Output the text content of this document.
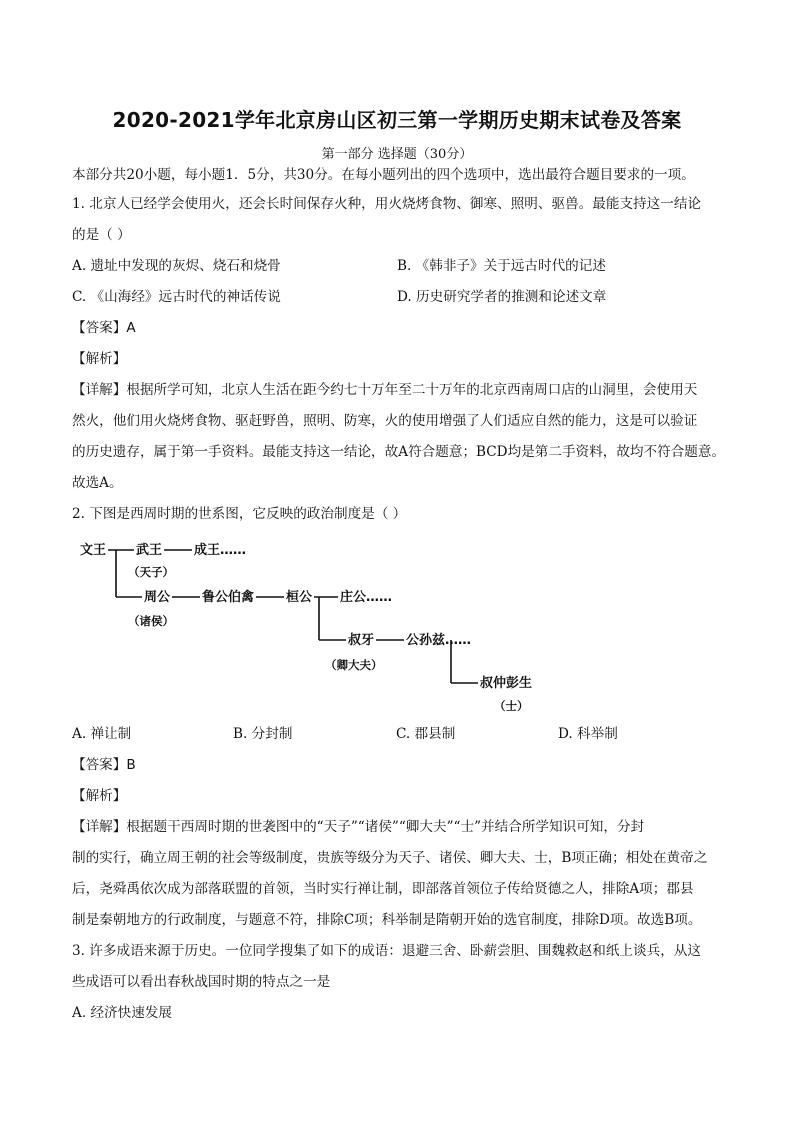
2020-2021学年北京房山区初三第一学期历史期末试卷及答案
第一部分 选择题（30分）
本部分共20小题，每小题1．5分，共30分。在每小题列出的四个选项中，选出最符合题目要求的一项。
1. 北京人已经学会使用火，还会长时间保存火种，用火烧烤食物、御寒、照明、驱兽。最能支持这一结论
的是（ ）
A. 遗址中发现的灰烬、烧石和烧骨	B. 《韩非子》关于远古时代的记述
C. 《山海经》远古时代的神话传说	D. 历史研究学者的推测和论述文章
【答案】A
【解析】
【详解】根据所学可知，北京人生活在距今约七十万年至二十万年的北京西南周口店的山洞里，会使用天
然火，他们用火烧烤食物、驱赶野兽，照明、防寒，火的使用增强了人们适应自然的能力，这是可以验证
的历史遗存，属于第一手资料。最能支持这一结论，故A符合题意；BCD均是第二手资料，故均不符合题意。
故选A。
2. 下图是西周时期的世系图，它反映的政治制度是（ ）
文王 武王 成王……
（天子）
周公 鲁公伯禽 桓公 庄公……
（诸侯）
叔牙 公孙兹……
（卿大夫）
叔仲彭生
（士）
A. 禅让制	B. 分封制	C. 郡县制	D. 科举制
【答案】B
【解析】
【详解】根据题干西周时期的世袭图中的“天子”“诸侯”“卿大夫”“士”并结合所学知识可知，分封
制的实行，确立周王朝的社会等级制度，贵族等级分为天子、诸侯、卿大夫、士，B项正确；相处在黄帝之
后，尧舜禹依次成为部落联盟的首领，当时实行禅让制，即部落首领位子传给贤德之人，排除A项；郡县
制是秦朝地方的行政制度，与题意不符，排除C项；科举制是隋朝开始的选官制度，排除D项。故选B项。
3. 许多成语来源于历史。一位同学搜集了如下的成语：退避三舍、卧薪尝胆、围魏救赵和纸上谈兵，从这
些成语可以看出春秋战国时期的特点之一是
A. 经济快速发展
